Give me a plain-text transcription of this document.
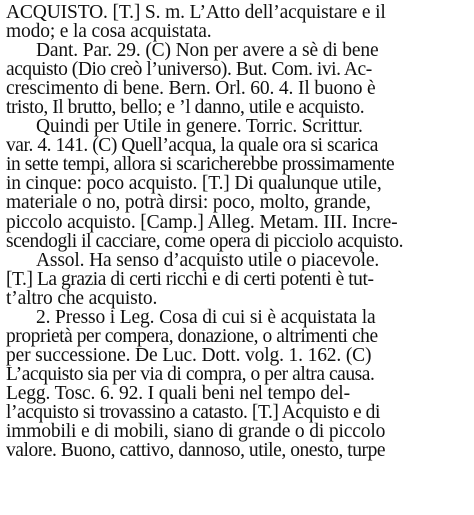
ACQUISTO. [T.] S. m. L’Atto dell’acquistare e il
modo; e la cosa acquistata.
Dant. Par. 29. (C) Non per avere a sè di bene
acquisto (Dio creò l’universo). But. Com. ivi. Ac-
crescimento di bene. Bern. Orl. 60. 4. Il buono è
tristo, Il brutto, bello; e ’l danno, utile e acquisto.
Quindi per Utile in genere. Torric. Scrittur.
var. 4. 141. (C) Quell’acqua, la quale ora si scarica
in sette tempi, allora si scaricherebbe prossimamente
in cinque: poco acquisto. [T.] Di qualunque utile,
materiale o no, potrà dirsi: poco, molto, grande,
piccolo acquisto. [Camp.] Alleg. Metam. III. Incre-
scendogli il cacciare, come opera di picciolo acquisto.
Assol. Ha senso d’acquisto utile o piacevole.
[T.] La grazia di certi ricchi e di certi potenti è tut-
t’altro che acquisto.
2. Presso i Leg. Cosa di cui si è acquistata la
proprietà per compera, donazione, o altrimenti che
per successione. De Luc. Dott. volg. 1. 162. (C)
L’acquisto sia per via di compra, o per altra causa.
Legg. Tosc. 6. 92. I quali beni nel tempo del-
l’acquisto si trovassino a catasto. [T.] Acquisto e di
immobili e di mobili, siano di grande o di piccolo
valore. Buono, cattivo, dannoso, utile, onesto, turpe
